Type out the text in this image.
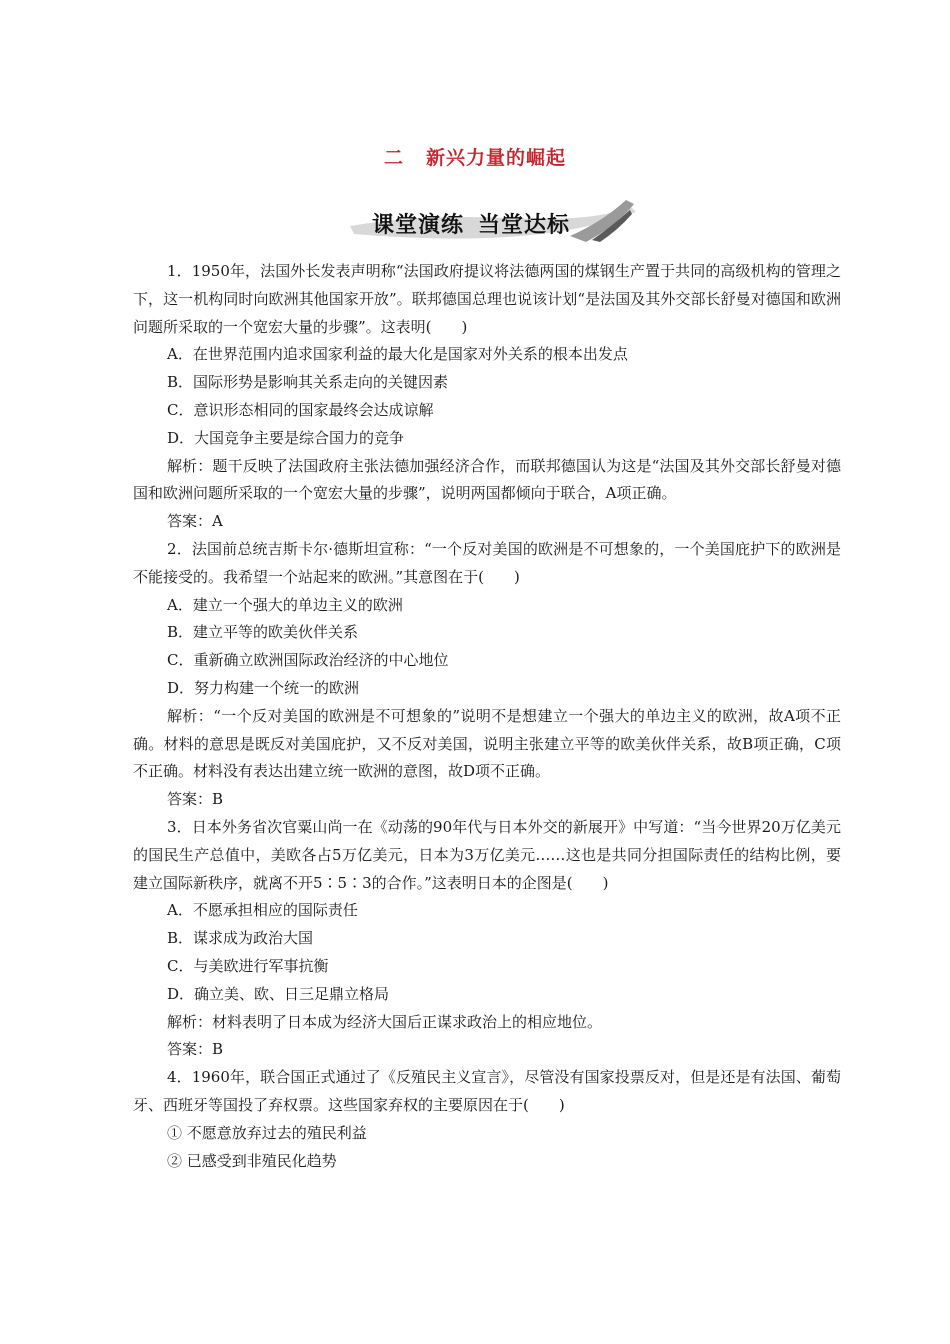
二 新兴力量的崛起
课堂演练 当堂达标

1．1950年，法国外长发表声明称“法国政府提议将法德两国的煤钢生产置于共同的高级机构的管理之下，这一机构同时向欧洲其他国家开放”。联邦德国总理也说该计划“是法国及其外交部长舒曼对德国和欧洲问题所采取的一个宽宏大量的步骤”。这表明(　　)

A．在世界范围内追求国家利益的最大化是国家对外关系的根本出发点

B．国际形势是影响其关系走向的关键因素

C．意识形态相同的国家最终会达成谅解

D．大国竞争主要是综合国力的竞争

解析：题干反映了法国政府主张法德加强经济合作，而联邦德国认为这是“法国及其外交部长舒曼对德国和欧洲问题所采取的一个宽宏大量的步骤”，说明两国都倾向于联合，A项正确。

答案：A

2．法国前总统吉斯卡尔·德斯坦宣称：“一个反对美国的欧洲是不可想象的，一个美国庇护下的欧洲是不能接受的。我希望一个站起来的欧洲。”其意图在于(　　)

A．建立一个强大的单边主义的欧洲

B．建立平等的欧美伙伴关系

C．重新确立欧洲国际政治经济的中心地位

D．努力构建一个统一的欧洲

解析：“一个反对美国的欧洲是不可想象的”说明不是想建立一个强大的单边主义的欧洲，故A项不正确。材料的意思是既反对美国庇护，又不反对美国，说明主张建立平等的欧美伙伴关系，故B项正确，C项不正确。材料没有表达出建立统一欧洲的意图，故D项不正确。

答案：B

3．日本外务省次官粟山尚一在《动荡的90年代与日本外交的新展开》中写道：“当今世界20万亿美元的国民生产总值中，美欧各占5万亿美元，日本为3万亿美元……这也是共同分担国际责任的结构比例，要建立国际新秩序，就离不开5∶5∶3的合作。”这表明日本的企图是(　　)

A．不愿承担相应的国际责任

B．谋求成为政治大国

C．与美欧进行军事抗衡

D．确立美、欧、日三足鼎立格局

解析：材料表明了日本成为经济大国后正谋求政治上的相应地位。

答案：B

4．1960年，联合国正式通过了《反殖民主义宣言》，尽管没有国家投票反对，但是还是有法国、葡萄牙、西班牙等国投了弃权票。这些国家弃权的主要原因在于(　　)

① 不愿意放弃过去的殖民利益

② 已感受到非殖民化趋势
